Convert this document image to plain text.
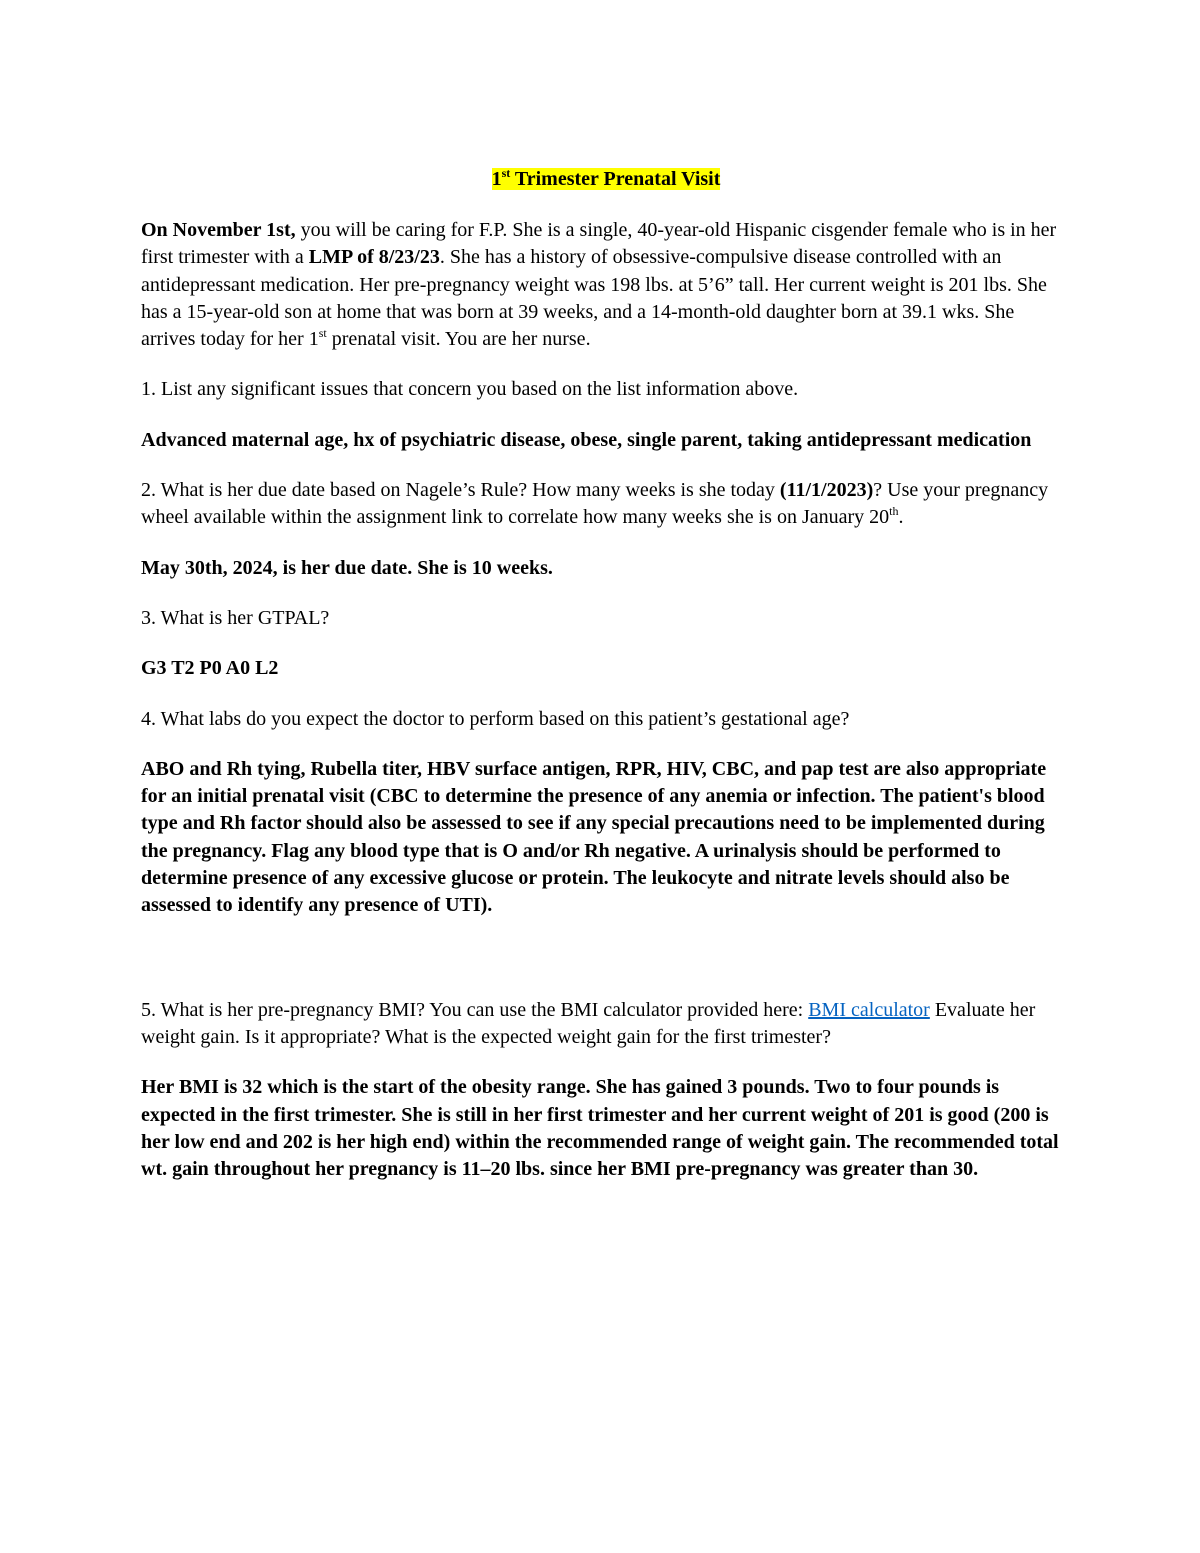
1st Trimester Prenatal Visit

On November 1st, you will be caring for F.P. She is a single, 40-year-old Hispanic cisgender female who is in her first trimester with a LMP of 8/23/23. She has a history of obsessive-compulsive disease controlled with an antidepressant medication. Her pre-pregnancy weight was 198 lbs. at 5’6” tall. Her current weight is 201 lbs. She has a 15-year-old son at home that was born at 39 weeks, and a 14-month-old daughter born at 39.1 wks. She arrives today for her 1st prenatal visit. You are her nurse.

1. List any significant issues that concern you based on the list information above.

Advanced maternal age, hx of psychiatric disease, obese, single parent, taking antidepressant medication

2. What is her due date based on Nagele’s Rule? How many weeks is she today (11/1/2023)? Use your pregnancy wheel available within the assignment link to correlate how many weeks she is on January 20th.

May 30th, 2024, is her due date. She is 10 weeks.

3. What is her GTPAL?

G3 T2 P0 A0 L2

4. What labs do you expect the doctor to perform based on this patient’s gestational age?

ABO and Rh tying, Rubella titer, HBV surface antigen, RPR, HIV, CBC, and pap test are also appropriate for an initial prenatal visit (CBC to determine the presence of any anemia or infection. The patient's blood type and Rh factor should also be assessed to see if any special precautions need to be implemented during the pregnancy. Flag any blood type that is O and/or Rh negative. A urinalysis should be performed to determine presence of any excessive glucose or protein. The leukocyte and nitrate levels should also be assessed to identify any presence of UTI).

5. What is her pre-pregnancy BMI? You can use the BMI calculator provided here: BMI calculator Evaluate her weight gain. Is it appropriate? What is the expected weight gain for the first trimester?

Her BMI is 32 which is the start of the obesity range. She has gained 3 pounds. Two to four pounds is expected in the first trimester. She is still in her first trimester and her current weight of 201 is good (200 is her low end and 202 is her high end) within the recommended range of weight gain. The recommended total wt. gain throughout her pregnancy is 11–20 lbs. since her BMI pre-pregnancy was greater than 30.
